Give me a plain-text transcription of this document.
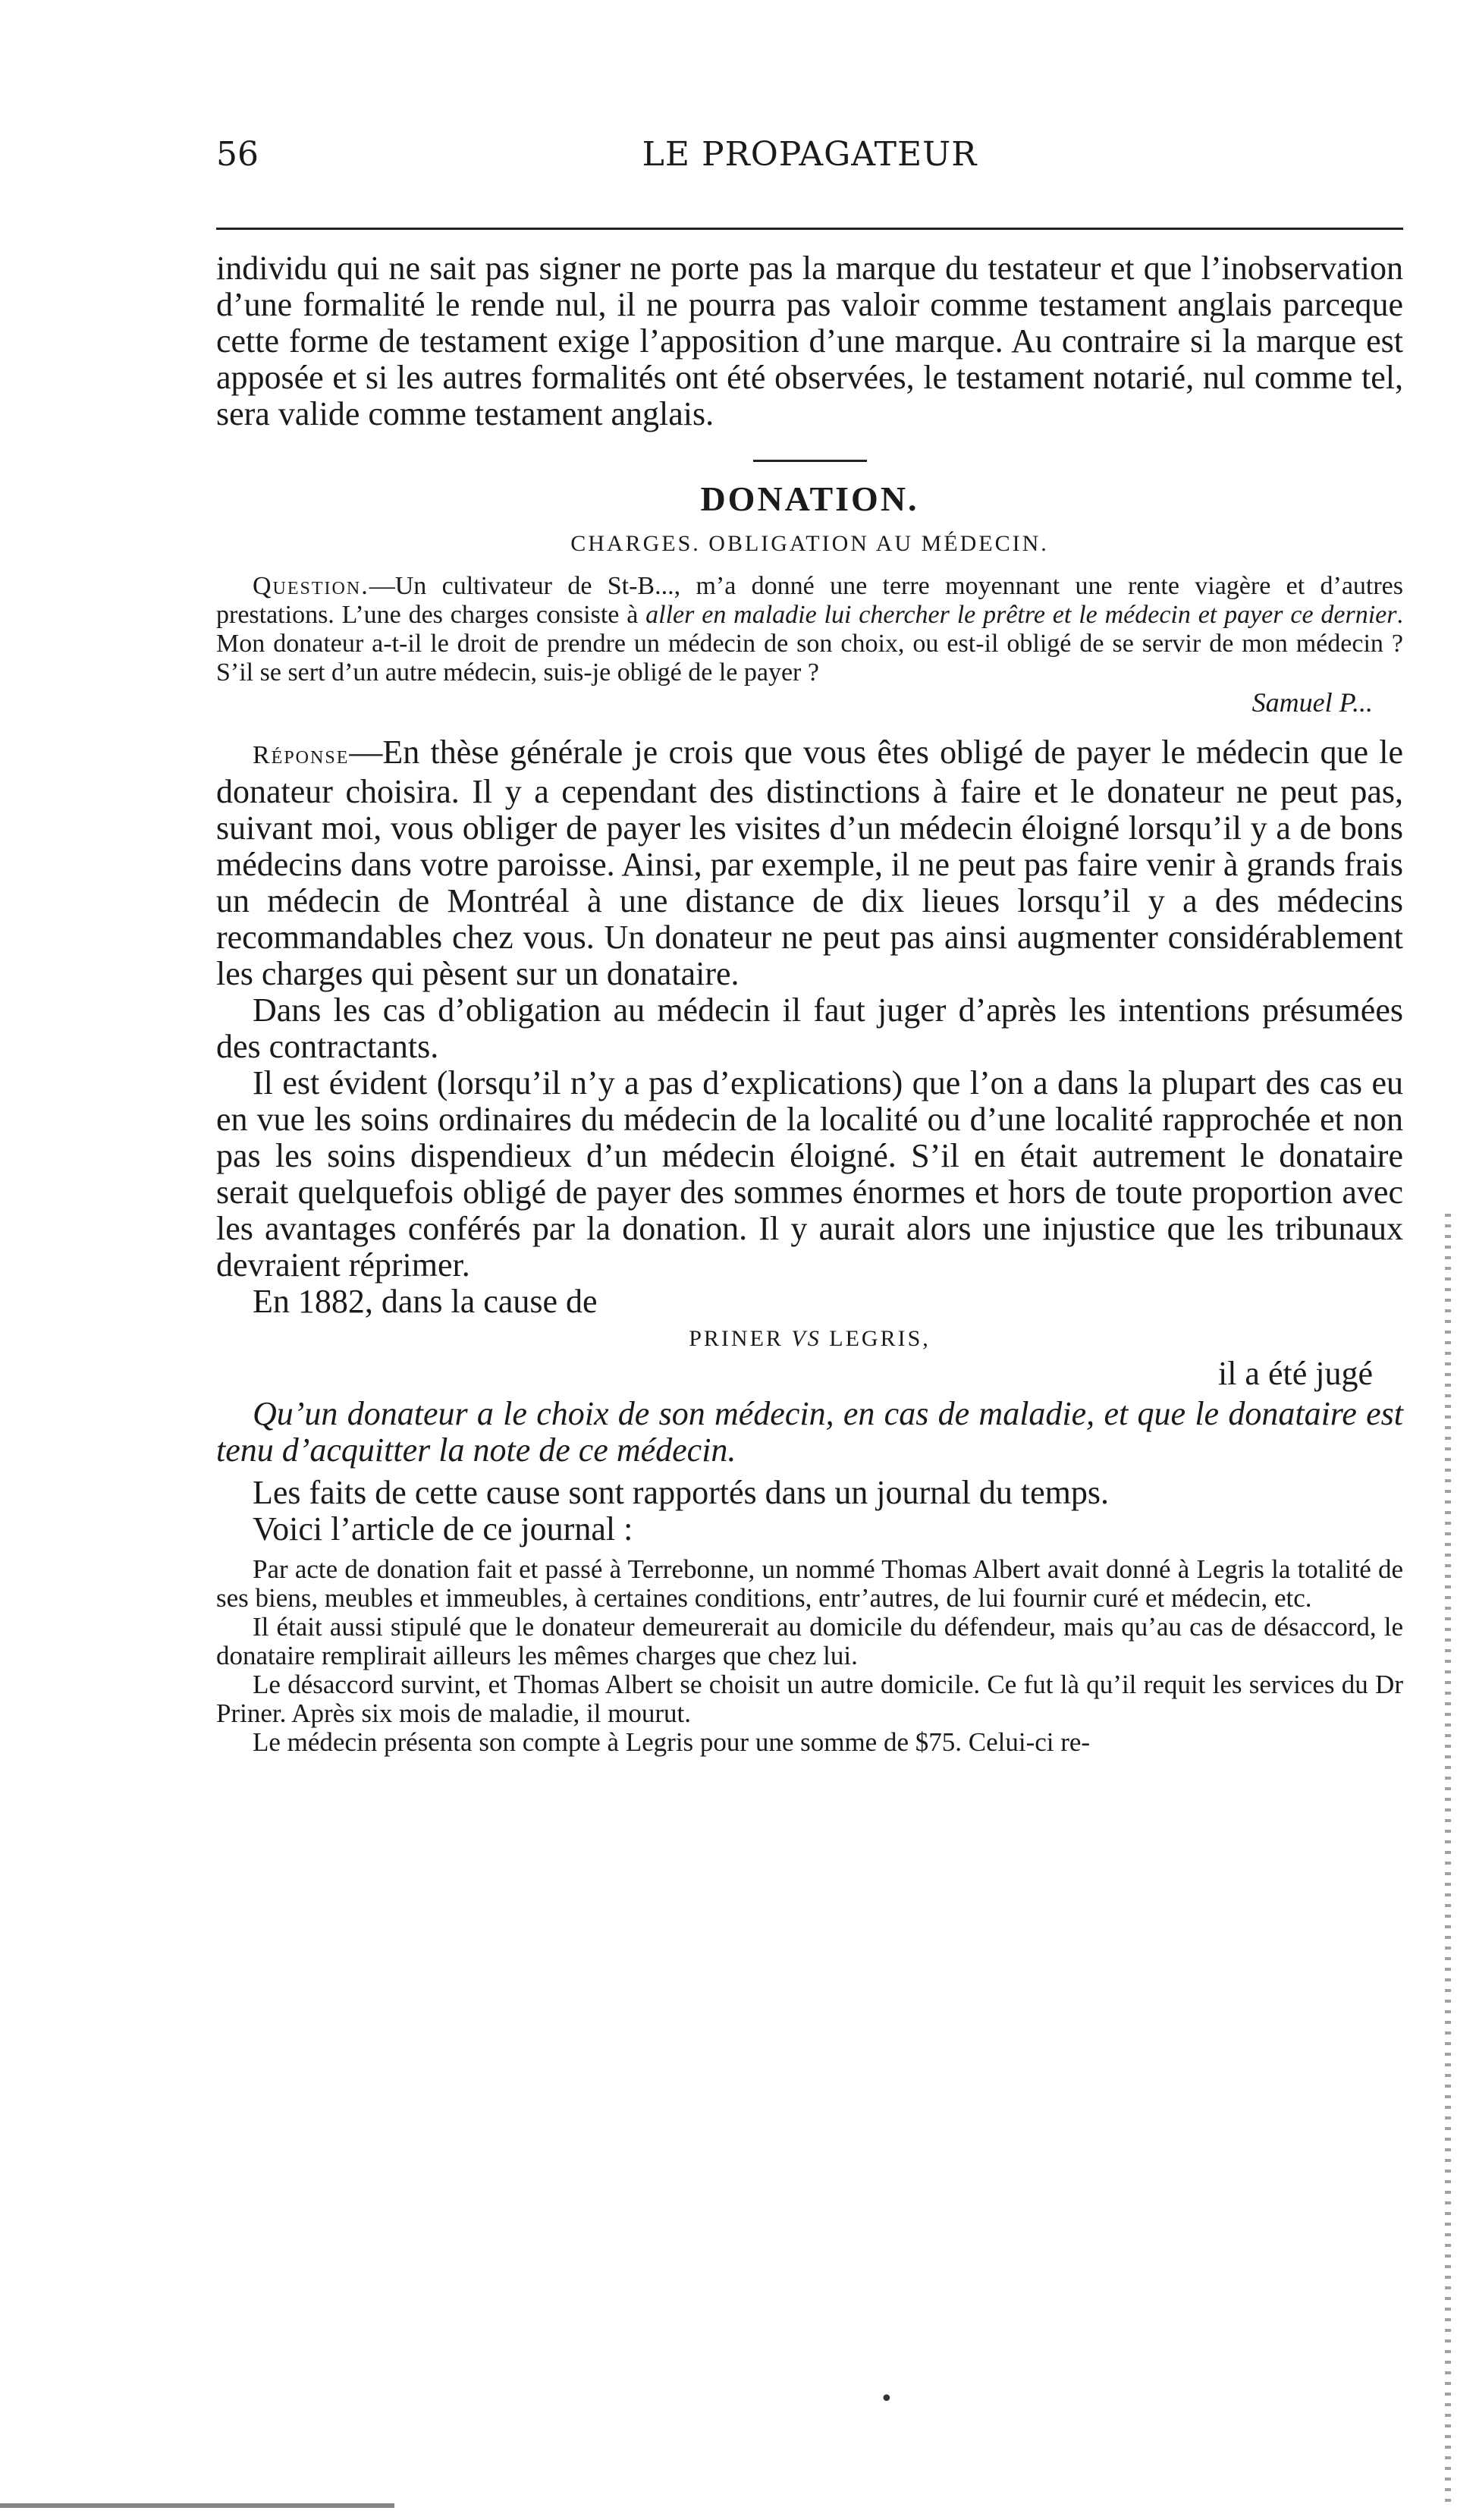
56	LE PROPAGATEUR

individu qui ne sait pas signer ne porte pas la marque du testateur et que l’inobservation d’une formalité le rende nul, il ne pourra pas valoir comme testament anglais parceque cette forme de testament exige l’apposition d’une marque. Au contraire si la marque est apposée et si les autres formalités ont été observées, le testament notarié, nul comme tel, sera valide comme testament anglais.

DONATION.
CHARGES. OBLIGATION AU MÉDECIN.

Question.—Un cultivateur de St-B..., m’a donné une terre moyennant une rente viagère et d’autres prestations. L’une des charges consiste à aller en maladie lui chercher le prêtre et le médecin et payer ce dernier. Mon donateur a-t-il le droit de prendre un médecin de son choix, ou est-il obligé de se servir de mon médecin ? S’il se sert d’un autre médecin, suis-je obligé de le payer ?

Samuel P...

Réponse—En thèse générale je crois que vous êtes obligé de payer le médecin que le donateur choisira. Il y a cependant des distinctions à faire et le donateur ne peut pas, suivant moi, vous obliger de payer les visites d’un médecin éloigné lorsqu’il y a de bons médecins dans votre paroisse. Ainsi, par exemple, il ne peut pas faire venir à grands frais un médecin de Montréal à une distance de dix lieues lorsqu’il y a des médecins recommandables chez vous. Un donateur ne peut pas ainsi augmenter considérablement les charges qui pèsent sur un donataire.

Dans les cas d’obligation au médecin il faut juger d’après les intentions présumées des contractants.

Il est évident (lorsqu’il n’y a pas d’explications) que l’on a dans la plupart des cas eu en vue les soins ordinaires du médecin de la localité ou d’une localité rapprochée et non pas les soins dispendieux d’un médecin éloigné. S’il en était autrement le donataire serait quelquefois obligé de payer des sommes énormes et hors de toute proportion avec les avantages conférés par la donation. Il y aurait alors une injustice que les tribunaux devraient réprimer.

En 1882, dans la cause de

PRINER VS LEGRIS,
il a été jugé

Qu’un donateur a le choix de son médecin, en cas de maladie, et que le donataire est tenu d’acquitter la note de ce médecin.

Les faits de cette cause sont rapportés dans un journal du temps.

Voici l’article de ce journal :

Par acte de donation fait et passé à Terrebonne, un nommé Thomas Albert avait donné à Legris la totalité de ses biens, meubles et immeubles, à certaines conditions, entr’autres, de lui fournir curé et médecin, etc.

Il était aussi stipulé que le donateur demeurerait au domicile du défendeur, mais qu’au cas de désaccord, le donataire remplirait ailleurs les mêmes charges que chez lui.

Le désaccord survint, et Thomas Albert se choisit un autre domicile. Ce fut là qu’il requit les services du Dr Priner. Après six mois de maladie, il mourut.

Le médecin présenta son compte à Legris pour une somme de $75. Celui-ci re-

•
